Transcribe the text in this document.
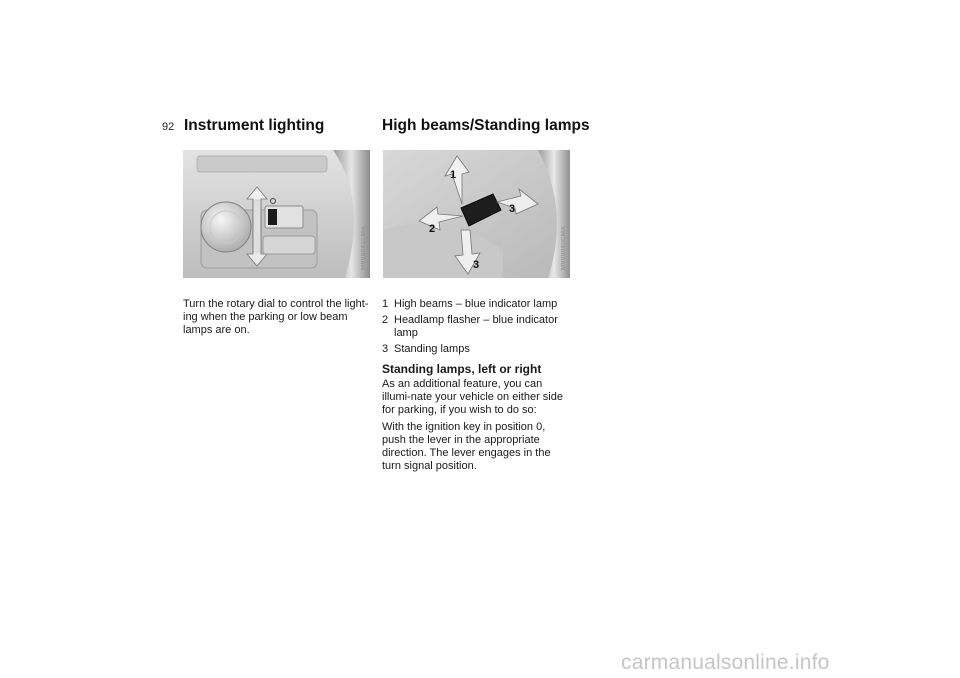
92 Instrument lighting
MV09041CMA

Turn the rotary dial to control the light-ing when the parking or low beam lamps are on.

High beams/Standing lamps
1
2
3
3	MV09040CMA
1 High beams – blue indicator lamp
2 Headlamp flasher – blue indicator lamp
3 Standing lamps
Standing lamps, left or right

As an additional feature, you can illumi-nate your vehicle on either side for parking, if you wish to do so:

With the ignition key in position 0, push the lever in the appropriate direction. The lever engages in the turn signal position.

carmanualsonline.info
